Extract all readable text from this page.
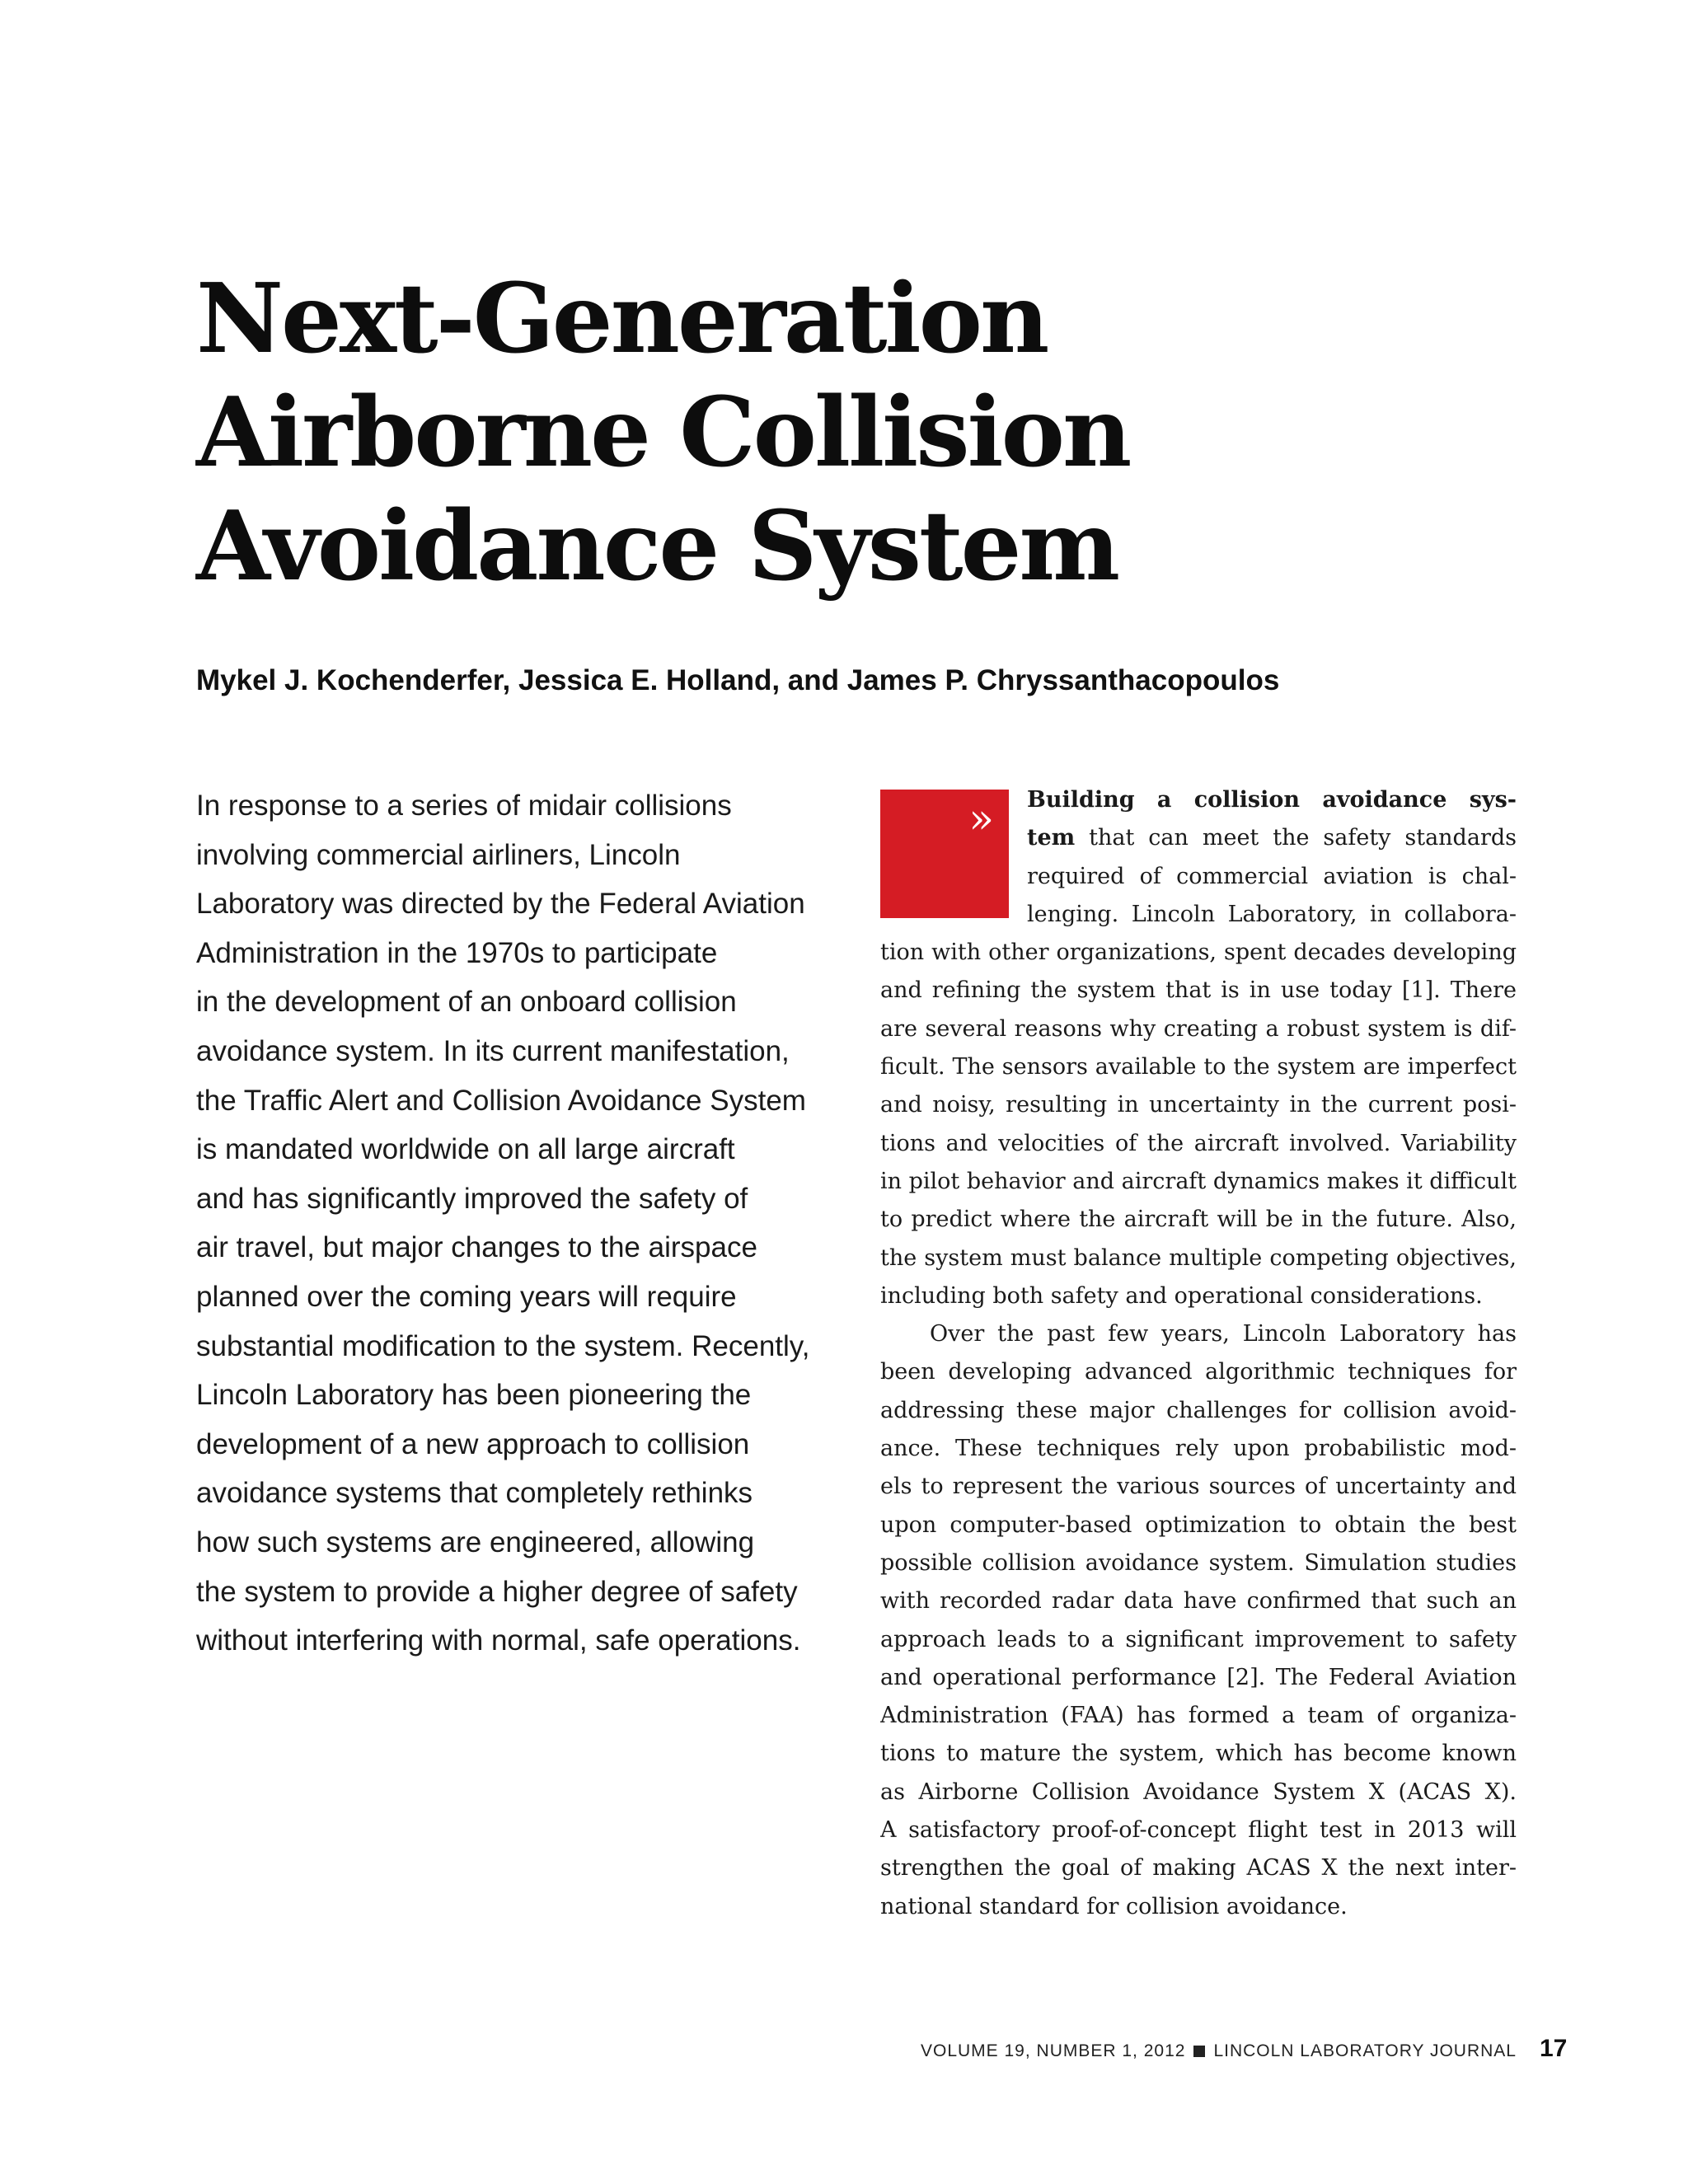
Next-Generation
Airborne Collision
Avoidance System

Mykel J. Kochenderfer, Jessica E. Holland, and James P. Chryssanthacopoulos

In response to a series of midair collisions
involving commercial airliners, Lincoln
Laboratory was directed by the Federal Aviation
Administration in the 1970s to participate
in the development of an onboard collision
avoidance system. In its current manifestation,
the Traffic Alert and Collision Avoidance System
is mandated worldwide on all large aircraft
and has significantly improved the safety of
air travel, but major changes to the airspace
planned over the coming years will require
substantial modification to the system. Recently,
Lincoln Laboratory has been pioneering the
development of a new approach to collision
avoidance systems that completely rethinks
how such systems are engineered, allowing
the system to provide a higher degree of safety
without interfering with normal, safe operations.
»	Building a collision avoidance sys-
tem that can meet the safety standards
required of commercial aviation is chal-
lenging. Lincoln Laboratory, in collabora-
tion with other organizations, spent decades developing
and refining the system that is in use today [1]. There
are several reasons why creating a robust system is dif-
ficult. The sensors available to the system are imperfect
and noisy, resulting in uncertainty in the current posi-
tions and velocities of the aircraft involved. Variability
in pilot behavior and aircraft dynamics makes it difficult
to predict where the aircraft will be in the future. Also,
the system must balance multiple competing objectives,
including both safety and operational considerations.
Over the past few years, Lincoln Laboratory has
been developing advanced algorithmic techniques for
addressing these major challenges for collision avoid-
ance. These techniques rely upon probabilistic mod-
els to represent the various sources of uncertainty and
upon computer-based optimization to obtain the best
possible collision avoidance system. Simulation studies
with recorded radar data have confirmed that such an
approach leads to a significant improvement to safety
and operational performance [2]. The Federal Aviation
Administration (FAA) has formed a team of organiza-
tions to mature the system, which has become known
as Airborne Collision Avoidance System X (ACAS X).
A satisfactory proof-of-concept flight test in 2013 will
strengthen the goal of making ACAS X the next inter-
national standard for collision avoidance.
VOLUME 19, NUMBER 1, 2012 LINCOLN LABORATORY JOURNAL 17
